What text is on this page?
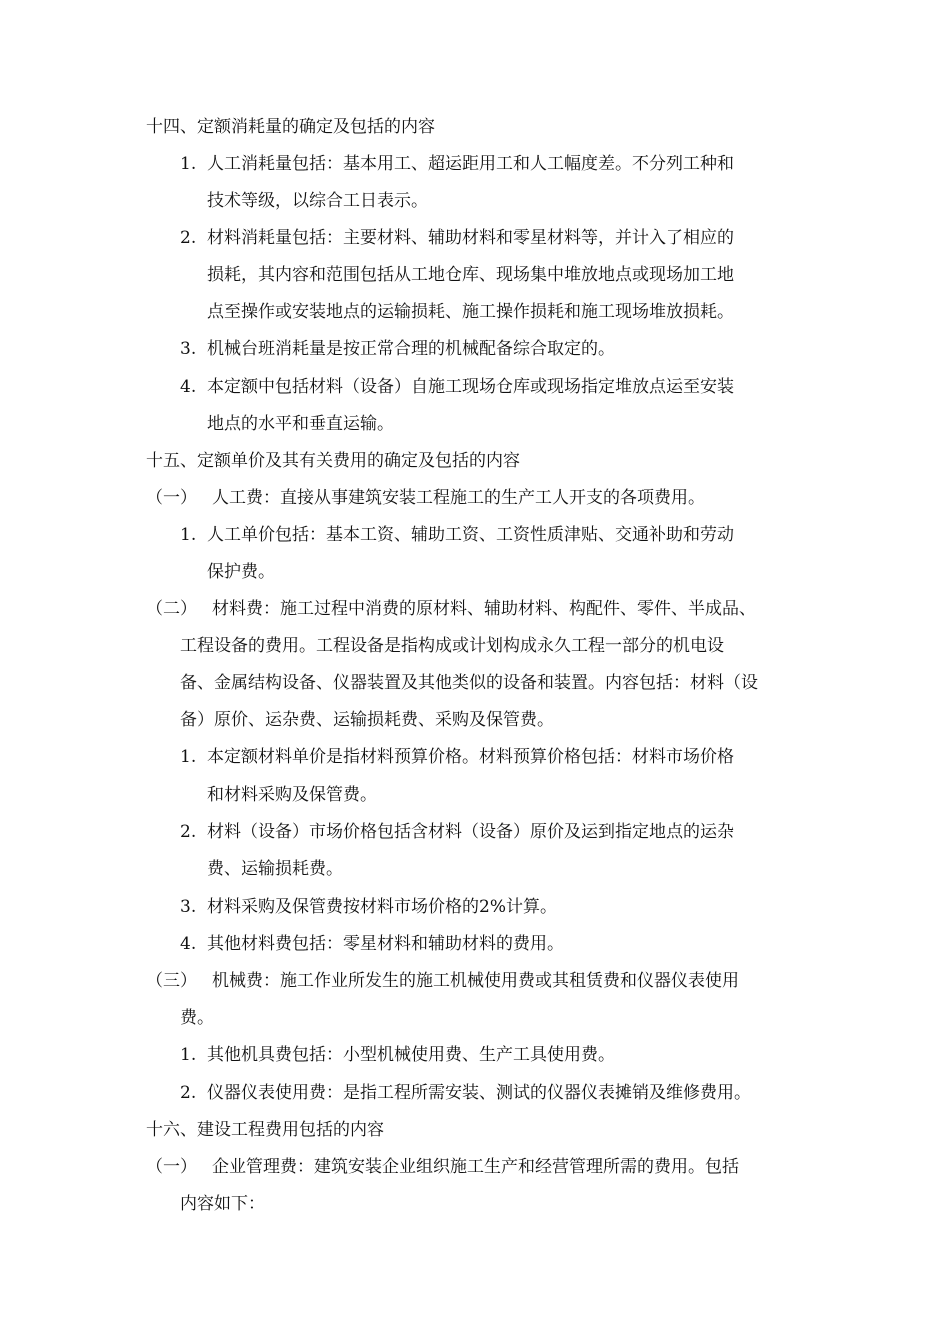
十四、定额消耗量的确定及包括的内容
1. 人工消耗量包括：基本用工、超运距用工和人工幅度差。不分列工种和
技术等级，以综合工日表示。
2. 材料消耗量包括：主要材料、辅助材料和零星材料等，并计入了相应的
损耗，其内容和范围包括从工地仓库、现场集中堆放地点或现场加工地
点至操作或安装地点的运输损耗、施工操作损耗和施工现场堆放损耗。
3. 机械台班消耗量是按正常合理的机械配备综合取定的。
4. 本定额中包括材料（设备）自施工现场仓库或现场指定堆放点运至安装
地点的水平和垂直运输。
十五、定额单价及其有关费用的确定及包括的内容
（一） 人工费：直接从事建筑安装工程施工的生产工人开支的各项费用。
1. 人工单价包括：基本工资、辅助工资、工资性质津贴、交通补助和劳动
保护费。
（二） 材料费：施工过程中消费的原材料、辅助材料、构配件、零件、半成品、
工程设备的费用。工程设备是指构成或计划构成永久工程一部分的机电设
备、金属结构设备、仪器装置及其他类似的设备和装置。内容包括：材料（设
备）原价、运杂费、运输损耗费、采购及保管费。
1. 本定额材料单价是指材料预算价格。材料预算价格包括：材料市场价格
和材料采购及保管费。
2. 材料（设备）市场价格包括含材料（设备）原价及运到指定地点的运杂
费、运输损耗费。
3. 材料采购及保管费按材料市场价格的2%计算。
4. 其他材料费包括：零星材料和辅助材料的费用。
（三） 机械费：施工作业所发生的施工机械使用费或其租赁费和仪器仪表使用
费。
1. 其他机具费包括：小型机械使用费、生产工具使用费。
2. 仪器仪表使用费：是指工程所需安装、测试的仪器仪表摊销及维修费用。
十六、建设工程费用包括的内容
（一） 企业管理费：建筑安装企业组织施工生产和经营管理所需的费用。包括
内容如下：
